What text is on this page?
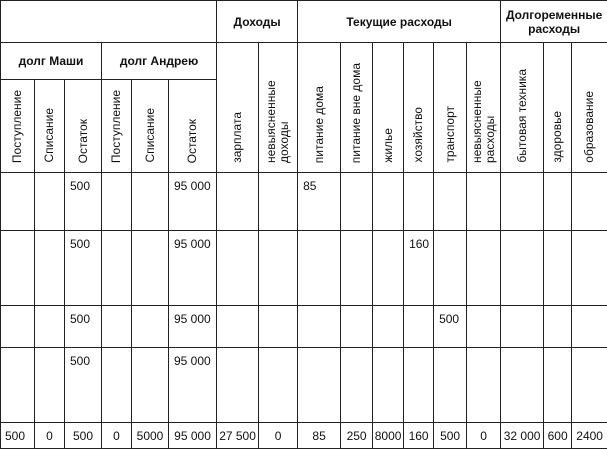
						Доходы		Текущие расходы						Долгоременные расходы		
долг Маши			долг Андрею			зарплата	невыясненные доходы	питание дома	питание вне дома	жилье	хозяйство	транспорт	невыясненные расходы	бытовая техника	здоровье	образование
Поступление	Списание	Остаток	Поступление	Списание	Остаток											
		500			95 000			85								
		500			95 000						160					
		500			95 000							500				
		500			95 000											
500	0	500	0	5000	95 000	27 500	0	85	250	8000	160	500	0	32 000	600	2400
